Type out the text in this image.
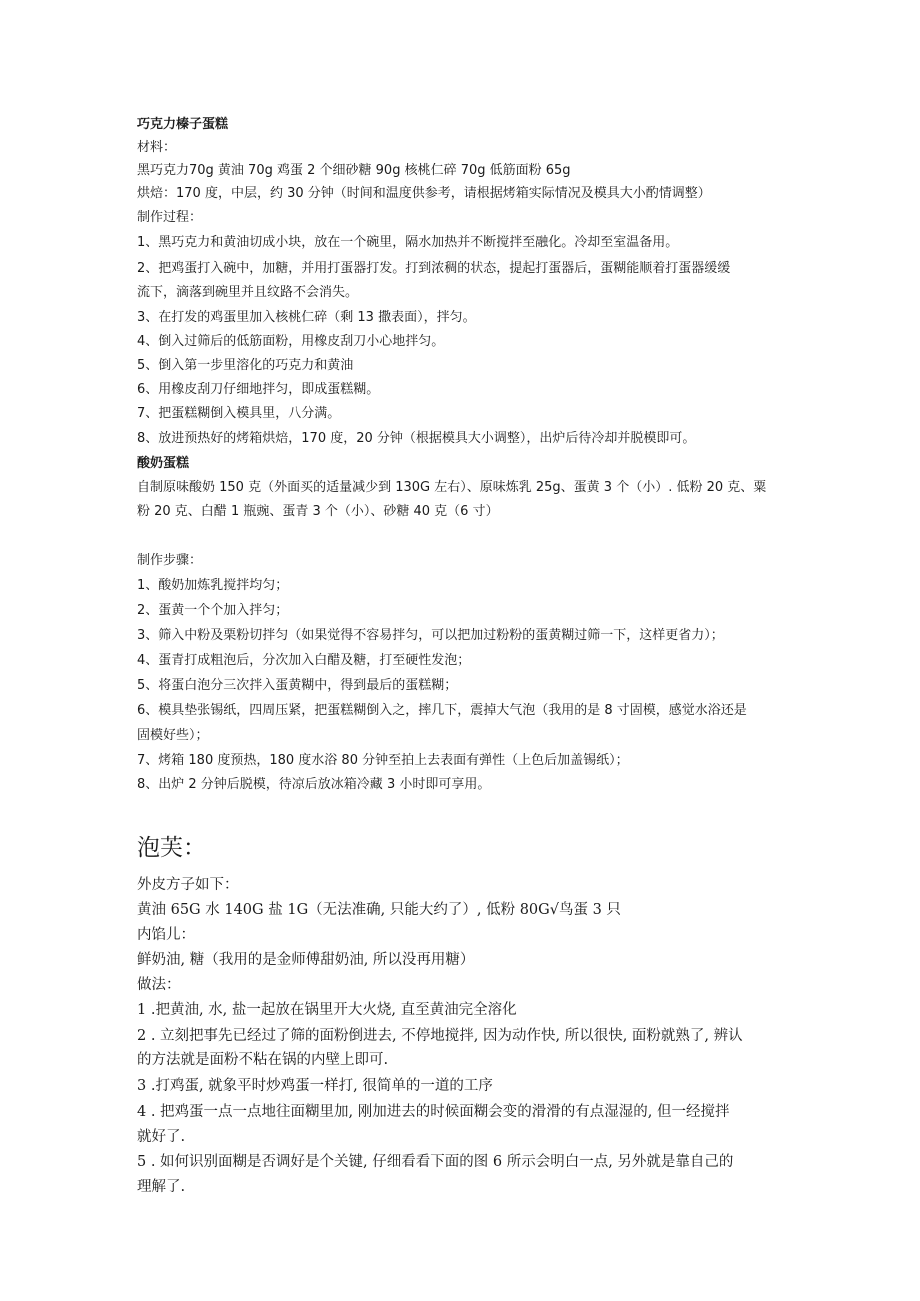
巧克力榛子蛋糕
材料：
黑巧克力70g 黄油 70g 鸡蛋 2 个细砂糖 90g 核桃仁碎 70g 低筋面粉 65g
烘焙：170 度，中层，约 30 分钟（时间和温度供参考，请根据烤箱实际情况及模具大小酌情调整）
制作过程：
1、黑巧克力和黄油切成小块，放在一个碗里，隔水加热并不断搅拌至融化。冷却至室温备用。
2、把鸡蛋打入碗中，加糖，并用打蛋器打发。打到浓稠的状态，提起打蛋器后，蛋糊能顺着打蛋器缓缓
流下，滴落到碗里并且纹路不会消失。
3、在打发的鸡蛋里加入核桃仁碎（剩 13 撒表面），拌匀。
4、倒入过筛后的低筋面粉，用橡皮刮刀小心地拌匀。
5、倒入第一步里溶化的巧克力和黄油
6、用橡皮刮刀仔细地拌匀，即成蛋糕糊。
7、把蛋糕糊倒入模具里，八分满。
8、放进预热好的烤箱烘焙，170 度，20 分钟（根据模具大小调整），出炉后待冷却并脱模即可。
酸奶蛋糕
自制原味酸奶 150 克（外面买的适量减少到 130G 左右）、原味炼乳 25g、蛋黄 3 个（小）. 低粉 20 克、粟
粉 20 克、白醋 1 瓶豌、蛋青 3 个（小）、砂糖 40 克（6 寸）
制作步骤：
1、酸奶加炼乳搅拌均匀；
2、蛋黄一个个加入拌匀；
3、筛入中粉及栗粉切拌匀（如果觉得不容易拌匀，可以把加过粉粉的蛋黄糊过筛一下，这样更省力）；
4、蛋青打成粗泡后，分次加入白醋及糖，打至硬性发泡；
5、将蛋白泡分三次拌入蛋黄糊中，得到最后的蛋糕糊；
6、模具垫张锡纸，四周压紧，把蛋糕糊倒入之，摔几下，震掉大气泡（我用的是 8 寸固模，感觉水浴还是
固模好些）；
7、烤箱 180 度预热，180 度水浴 80 分钟至拍上去表面有弹性（上色后加盖锡纸）；
8、出炉 2 分钟后脱模，待凉后放冰箱冷藏 3 小时即可享用。
泡芙：
外皮方子如下：
黄油 65G 水 140G 盐 1G（无法准确, 只能大约了）, 低粉 80G√鸟蛋 3 只
内馅儿：
鲜奶油, 糖（我用的是金师傅甜奶油, 所以没再用糖）
做法：
1 .把黄油, 水, 盐一起放在锅里开大火烧, 直至黄油完全溶化
2 . 立刻把事先已经过了筛的面粉倒进去, 不停地搅拌, 因为动作快, 所以很快, 面粉就熟了, 辨认
的方法就是面粉不粘在锅的内壁上即可.
3 .打鸡蛋, 就象平时炒鸡蛋一样打, 很简单的一道的工序
4 . 把鸡蛋一点一点地往面糊里加, 刚加进去的时候面糊会变的滑滑的有点湿湿的, 但一经搅拌
就好了.
5 . 如何识别面糊是否调好是个关键, 仔细看看下面的图 6 所示会明白一点, 另外就是靠自己的
理解了.
